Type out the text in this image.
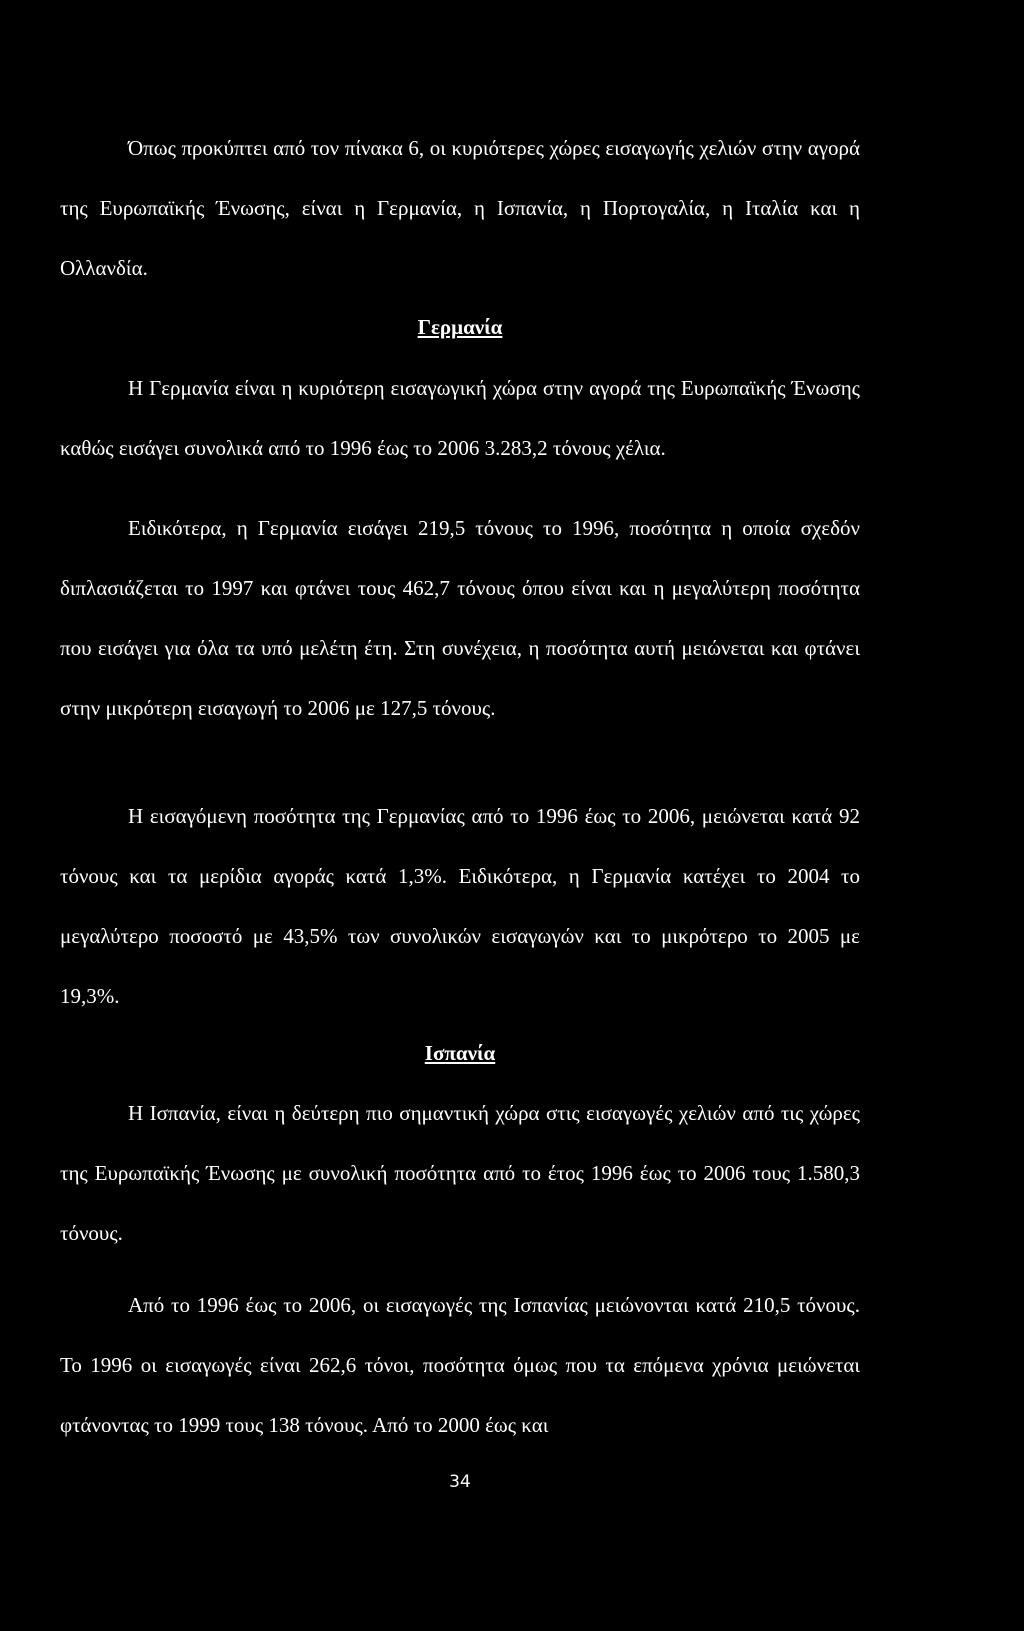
Όπως προκύπτει από τον πίνακα 6, οι κυριότερες χώρες εισαγωγής χελιών στην αγορά της Ευρωπαϊκής Ένωσης, είναι η Γερμανία, η Ισπανία, η Πορτογαλία, η Ιταλία και η Ολλανδία.

Γερμανία

Η Γερμανία είναι η κυριότερη εισαγωγική χώρα στην αγορά της Ευρωπαϊκής Ένωσης καθώς εισάγει συνολικά από το 1996 έως το 2006 3.283,2 τόνους χέλια.

Ειδικότερα, η Γερμανία εισάγει 219,5 τόνους το 1996, ποσότητα η οποία σχεδόν διπλασιάζεται το 1997 και φτάνει τους 462,7 τόνους όπου είναι και η μεγαλύτερη ποσότητα που εισάγει για όλα τα υπό μελέτη έτη. Στη συνέχεια, η ποσότητα αυτή μειώνεται και φτάνει στην μικρότερη εισαγωγή το 2006 με 127,5 τόνους.

Η εισαγόμενη ποσότητα της Γερμανίας από το 1996 έως το 2006, μειώνεται κατά 92 τόνους και τα μερίδια αγοράς κατά 1,3%. Ειδικότερα, η Γερμανία κατέχει το 2004 το μεγαλύτερο ποσοστό με 43,5% των συνολικών εισαγωγών και το μικρότερο το 2005 με 19,3%.

Ισπανία

Η Ισπανία, είναι η δεύτερη πιο σημαντική χώρα στις εισαγωγές χελιών από τις χώρες της Ευρωπαϊκής Ένωσης με συνολική ποσότητα από το έτος 1996 έως το 2006 τους 1.580,3 τόνους.

Από το 1996 έως το 2006, οι εισαγωγές της Ισπανίας μειώνονται κατά 210,5 τόνους. Το 1996 οι εισαγωγές είναι 262,6 τόνοι, ποσότητα όμως που τα επόμενα χρόνια μειώνεται φτάνοντας το 1999 τους 138 τόνους. Από το 2000 έως και

34
